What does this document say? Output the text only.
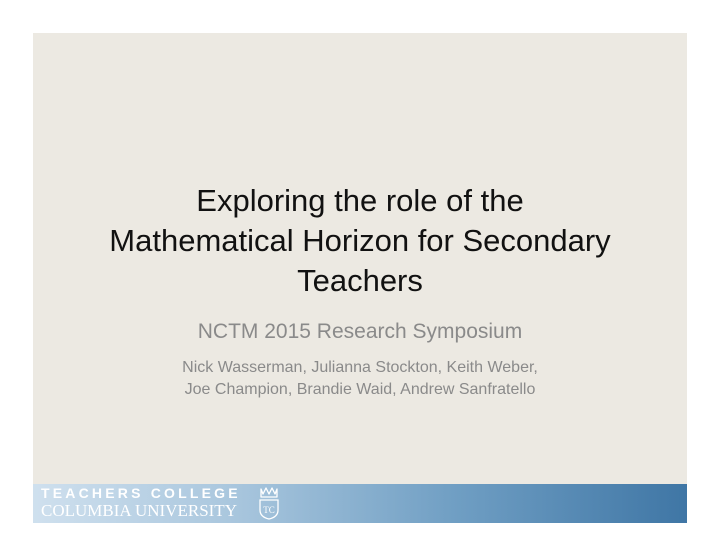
Exploring the role of the
Mathematical Horizon for Secondary
Teachers
NCTM 2015 Research Symposium
Nick Wasserman, Julianna Stockton, Keith Weber,
Joe Champion, Brandie Waid, Andrew Sanfratello
TEACHERS COLLEGE
COLUMBIA UNIVERSITY	TC
